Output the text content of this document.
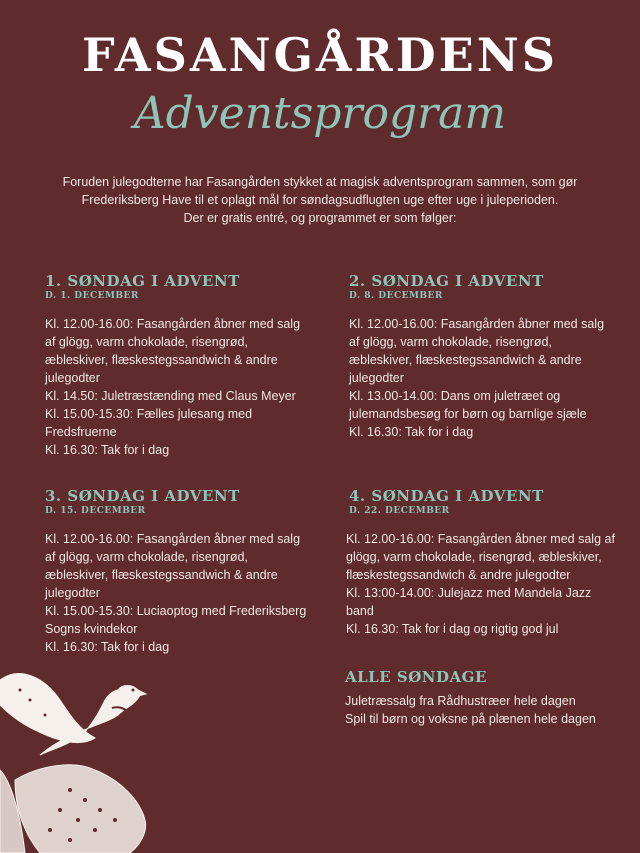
FASANGÅRDENS
Adventsprogram
Foruden julegodterne har Fasangården stykket at magisk adventsprogram sammen, som gør
Frederiksberg Have til et oplagt mål for søndagsudflugten uge efter uge i juleperioden.
Der er gratis entré, og programmet er som følger:
1. SØNDAG I ADVENT
D. 1. DECEMBER
Kl. 12.00-16.00: Fasangården åbner med salg af glögg, varm chokolade, risengrød, æbleskiver, flæskestegssandwich & andre julegodter
Kl. 14.50: Juletræstænding med Claus Meyer
Kl. 15.00-15.30: Fælles julesang med Fredsfruerne
Kl. 16.30: Tak for i dag
2. SØNDAG I ADVENT
D. 8. DECEMBER
Kl. 12.00-16.00: Fasangården åbner med salg af glögg, varm chokolade, risengrød, æbleskiver, flæskestegssandwich & andre julegodter
Kl. 13.00-14.00: Dans om juletræet og julemandsbesøg for børn og barnlige sjæle
Kl. 16.30: Tak for i dag
3. SØNDAG I ADVENT
D. 15. DECEMBER
Kl. 12.00-16.00: Fasangården åbner med salg af glögg, varm chokolade, risengrød, æbleskiver, flæskestegssandwich & andre julegodter
Kl. 15.00-15.30: Luciaoptog med Frederiksberg Sogns kvindekor
Kl. 16.30: Tak for i dag
4. SØNDAG I ADVENT
D. 22. DECEMBER
Kl. 12.00-16.00: Fasangården åbner med salg af glögg, varm chokolade, risengrød, æbleskiver, flæskestegssandwich & andre julegodter
Kl. 13:00-14.00: Julejazz med Mandela Jazz band
Kl. 16.30: Tak for i dag og rigtig god jul
ALLE SØNDAGE
Juletræssalg fra Rådhustræer hele dagen
Spil til børn og voksne på plænen hele dagen
